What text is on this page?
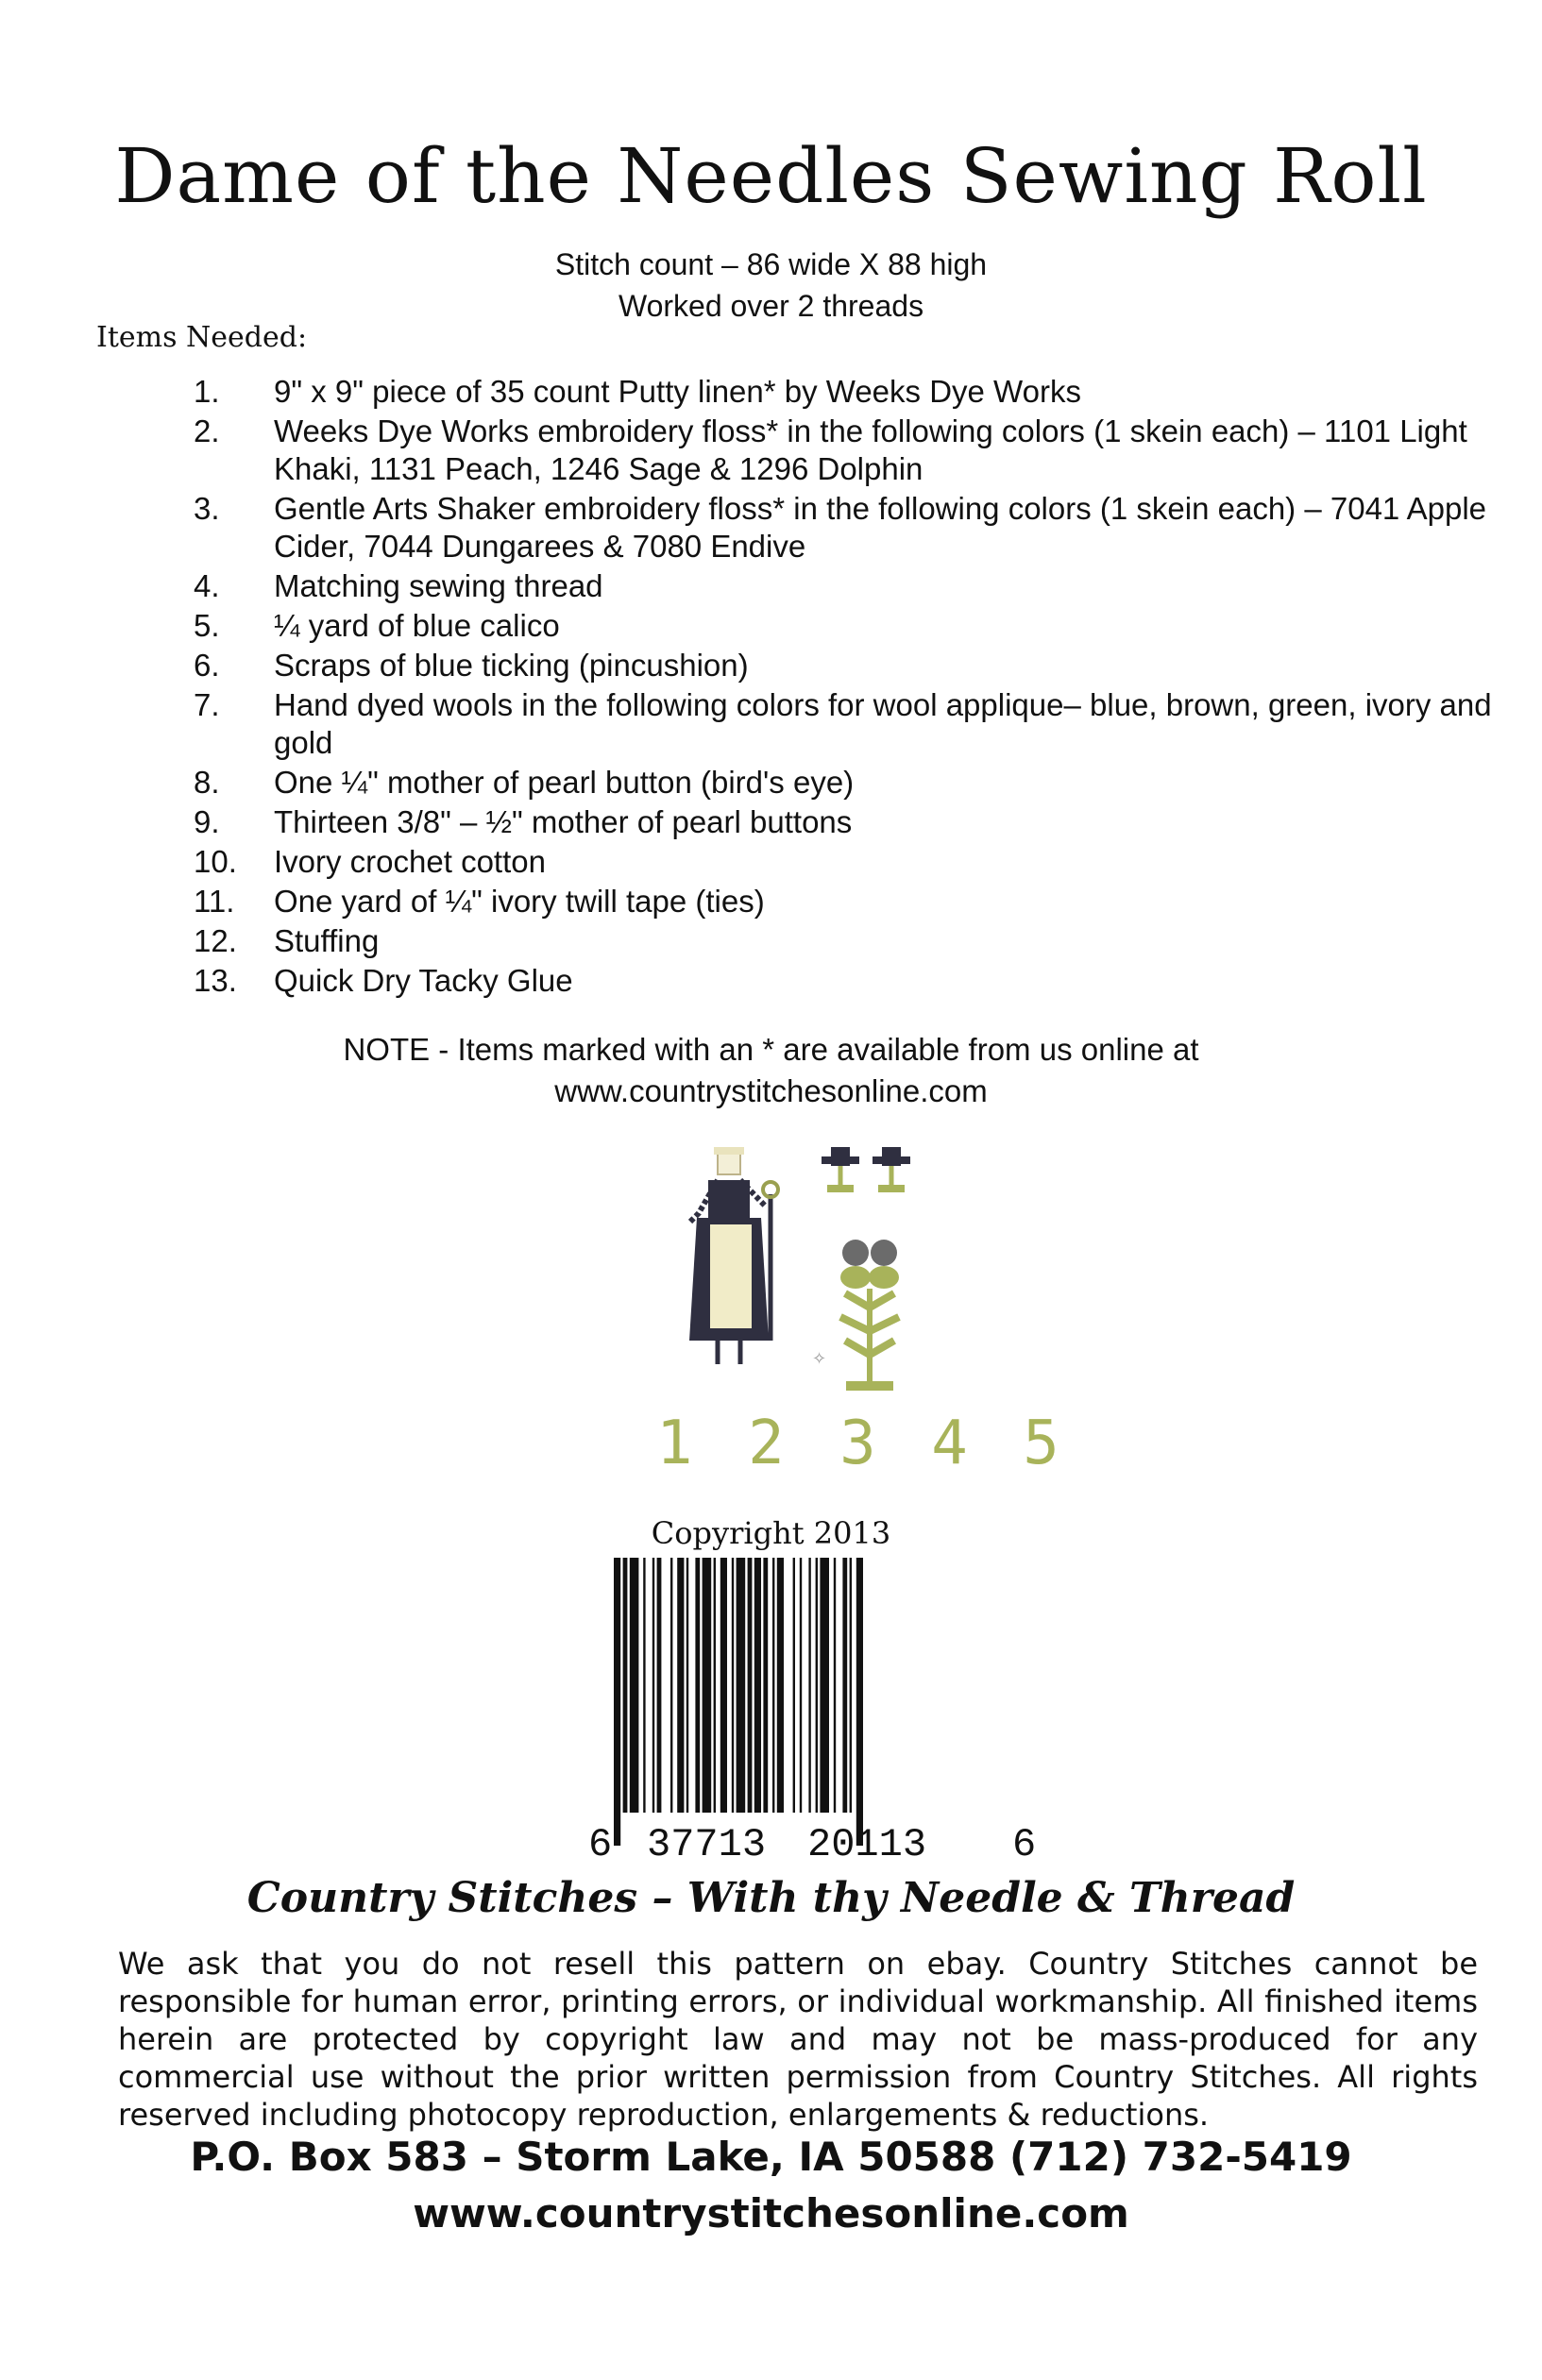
Dame of the Needles Sewing Roll
Stitch count – 86 wide X 88 high
Worked over 2 threads
Items Needed:
1.	9" x 9" piece of 35 count Putty linen* by Weeks Dye Works
2.	Weeks Dye Works embroidery floss* in the following colors (1 skein each) – 1101 Light Khaki, 1131 Peach, 1246 Sage & 1296 Dolphin
3.	Gentle Arts Shaker embroidery floss* in the following colors (1 skein each) – 7041 Apple Cider, 7044 Dungarees & 7080 Endive
4.	Matching sewing thread
5.	¼ yard of blue calico
6.	Scraps of blue ticking (pincushion)
7.	Hand dyed wools in the following colors for wool applique– blue, brown, green, ivory and gold
8.	One ¼" mother of pearl button (bird's eye)
9.	Thirteen 3/8" – ½" mother of pearl buttons
10.	Ivory crochet cotton
11.	One yard of ¼" ivory twill tape (ties)
12.	Stuffing
13.	Quick Dry Tacky Glue
NOTE - Items marked with an * are available from us online at
www.countrystitchesonline.com
✧
1 2 3 4 5
Copyright 2013
6 37713 20113 6
Country Stitches – With thy Needle & Thread
We ask that you do not resell this pattern on ebay. Country Stitches cannot be responsible for human error, printing errors, or individual workmanship. All finished items herein are protected by copyright law and may not be mass-produced for any commercial use without the prior written permission from Country Stitches. All rights reserved including photocopy reproduction, enlargements & reductions.
P.O. Box 583 – Storm Lake, IA 50588 (712) 732-5419
www.countrystitchesonline.com
